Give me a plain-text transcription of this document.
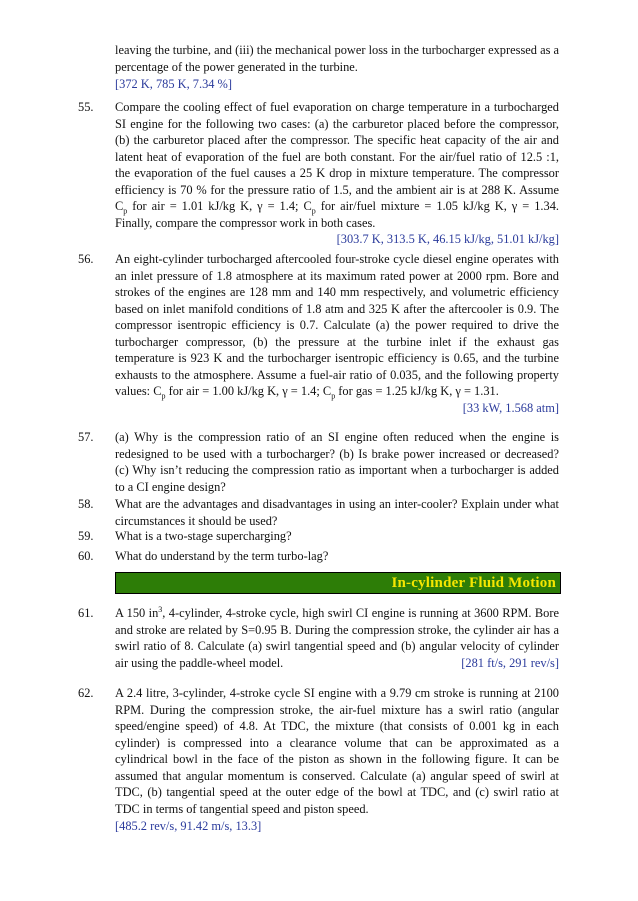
leaving the turbine, and (iii) the mechanical power loss in the turbocharger expressed as a percentage of the power generated in the turbine.
[372 K, 785 K, 7.34 %]

55. Compare the cooling effect of fuel evaporation on charge temperature in a turbocharged SI engine for the following two cases: (a) the carburetor placed before the compressor, (b) the carburetor placed after the compressor. The specific heat capacity of the air and latent heat of evaporation of the fuel are both constant. For the air/fuel ratio of 12.5 :1, the evaporation of the fuel causes a 25 K drop in mixture temperature. The compressor efficiency is 70 % for the pressure ratio of 1.5, and the ambient air is at 288 K. Assume $C_p$ for air = 1.01 kJ/kg K, γ = 1.4; $C_p$ for air/fuel mixture = 1.05 kJ/kg K, γ = 1.34. Finally, compare the compressor work in both cases.
[303.7 K, 313.5 K, 46.15 kJ/kg, 51.01 kJ/kg]

56. An eight-cylinder turbocharged aftercooled four-stroke cycle diesel engine operates with an inlet pressure of 1.8 atmosphere at its maximum rated power at 2000 rpm. Bore and strokes of the engines are 128 mm and 140 mm respectively, and volumetric efficiency based on inlet manifold conditions of 1.8 atm and 325 K after the aftercooler is 0.9. The compressor isentropic efficiency is 0.7. Calculate (a) the power required to drive the turbocharger compressor, (b) the pressure at the turbine inlet if the exhaust gas temperature is 923 K and the turbocharger isentropic efficiency is 0.65, and the turbine exhausts to the atmosphere. Assume a fuel-air ratio of 0.035, and the following property values: $C_p$ for air = 1.00 kJ/kg K, γ = 1.4; $C_p$ for gas = 1.25 kJ/kg K, γ = 1.31.
[33 kW, 1.568 atm]

57. (a) Why is the compression ratio of an SI engine often reduced when the engine is redesigned to be used with a turbocharger? (b) Is brake power increased or decreased? (c) Why isn’t reducing the compression ratio as important when a turbocharger is added to a CI engine design?

58. What are the advantages and disadvantages in using an inter-cooler? Explain under what circumstances it should be used?

59. What is a two-stage supercharging?

60. What do understand by the term turbo-lag?

In-cylinder Fluid Motion
61. A 150 $in^3$, 4-cylinder, 4-stroke cycle, high swirl CI engine is running at 3600 RPM. Bore and stroke are related by S=0.95 B. During the compression stroke, the cylinder air has a swirl ratio of 8. Calculate (a) swirl tangential speed and (b) angular velocity of cylinder air using the paddle-wheel model.	[281 ft/s, 291 rev/s]

62. A 2.4 litre, 3-cylinder, 4-stroke cycle SI engine with a 9.79 cm stroke is running at 2100 RPM. During the compression stroke, the air-fuel mixture has a swirl ratio (angular speed/engine speed) of 4.8. At TDC, the mixture (that consists of 0.001 kg in each cylinder) is compressed into a clearance volume that can be approximated as a cylindrical bowl in the face of the piston as shown in the following figure. It can be assumed that angular momentum is conserved. Calculate (a) angular speed of swirl at TDC, (b) tangential speed at the outer edge of the bowl at TDC, and (c) swirl ratio at TDC in terms of tangential speed and piston speed.
[485.2 rev/s, 91.42 m/s, 13.3]
